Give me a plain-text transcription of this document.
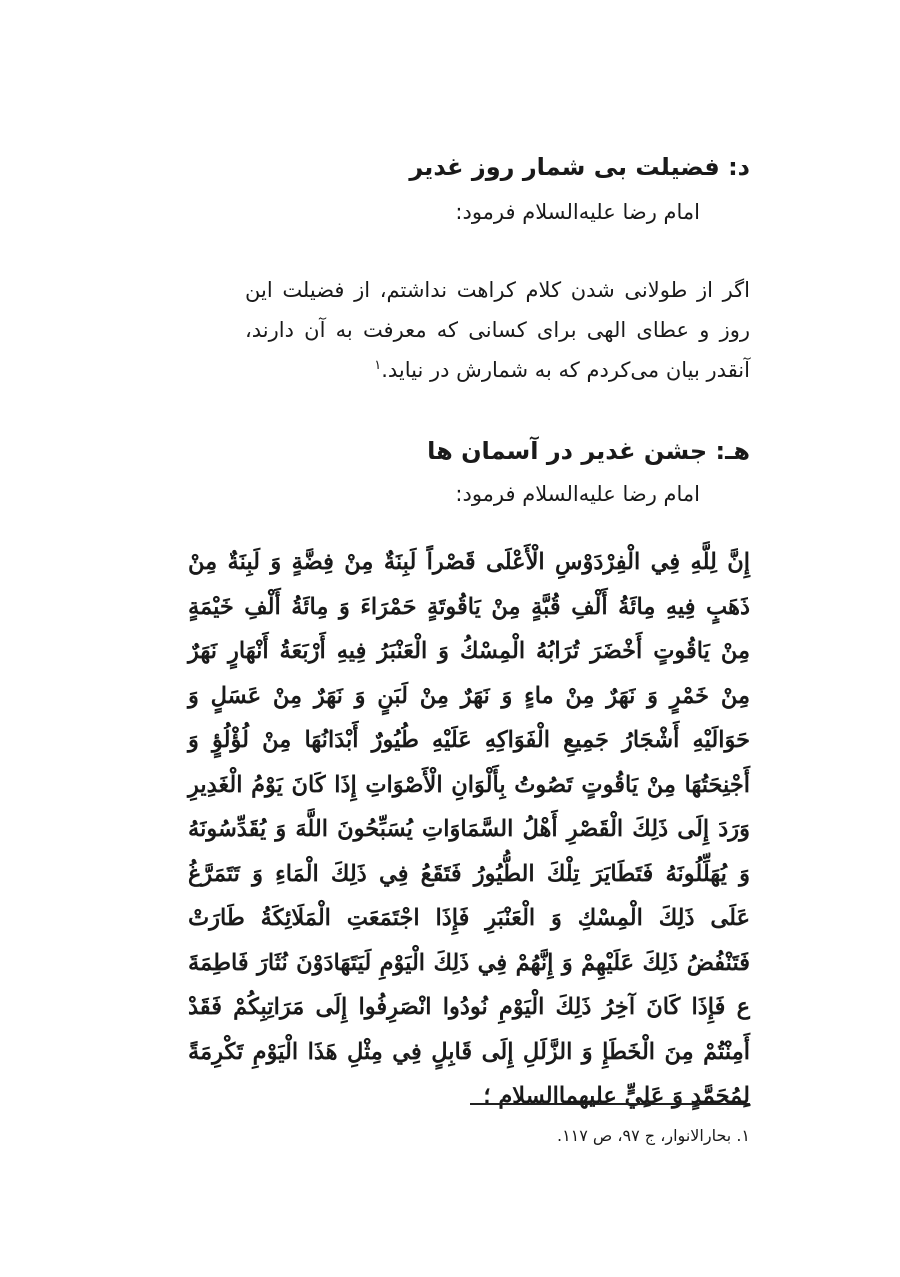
د: فضیلت بی شمار روز غدیر
امام رضا علیه‌السلام فرمود:
اگر از طولانی شدن کلام کراهت نداشتم، از فضیلت این روز و عطای الهی برای کسانی که معرفت به آن دارند، آنقدر بیان می‌کردم که به شمارش در نیاید.$^۱$
هـ: جشن غدیر در آسمان ها
امام رضا علیه‌السلام فرمود:
إِنَّ لِلَّهِ فِي الْفِرْدَوْسِ الْأَعْلَى قَصْراً لَبِنَةٌ مِنْ فِضَّةٍ وَ لَبِنَةٌ مِنْ ذَهَبٍ فِيهِ مِائَةُ أَلْفِ قُبَّةٍ مِنْ يَاقُوتَةٍ حَمْرَاءَ وَ مِائَةُ أَلْفِ خَيْمَةٍ مِنْ يَاقُوتٍ أَخْضَرَ تُرَابُهُ الْمِسْكُ وَ الْعَنْبَرُ فِيهِ أَرْبَعَةُ أَنْهَارٍ نَهَرٌ مِنْ خَمْرٍ وَ نَهَرٌ مِنْ ماءٍ وَ نَهَرٌ مِنْ لَبَنٍ وَ نَهَرٌ مِنْ عَسَلٍ وَ حَوَالَيْهِ أَشْجَارُ جَمِيعِ الْفَوَاكِهِ عَلَيْهِ طُيُورٌ أَبْدَانُهَا مِنْ لُؤْلُؤٍ وَ أَجْنِحَتُهَا مِنْ يَاقُوتٍ تَصُوتُ بِأَلْوَانِ الْأَصْوَاتِ إِذَا كَانَ يَوْمُ الْغَدِيرِ وَرَدَ إِلَى ذَلِكَ الْقَصْرِ أَهْلُ السَّمَاوَاتِ يُسَبِّحُونَ اللَّهَ وَ يُقَدِّسُونَهُ وَ يُهَلِّلُونَهُ فَتَطَايَرَ تِلْكَ الطُّيُورُ فَتَقَعُ فِي ذَلِكَ الْمَاءِ وَ تَتَمَرَّغُ عَلَى ذَلِكَ الْمِسْكِ وَ الْعَنْبَرِ فَإِذَا اجْتَمَعَتِ الْمَلَائِكَةُ طَارَتْ فَتَنْفُضُ ذَلِكَ عَلَيْهِمْ وَ إِنَّهُمْ فِي ذَلِكَ الْيَوْمِ لَيَتَهَادَوْنَ نُثَارَ فَاطِمَةَ ع فَإِذَا كَانَ آخِرُ ذَلِكَ الْيَوْمِ نُودُوا انْصَرِفُوا إِلَى مَرَاتِبِكُمْ فَقَدْ أَمِنْتُمْ مِنَ الْخَطَإِ وَ الزَّلَلِ إِلَى قَابِلٍ فِي مِثْلِ هَذَا الْيَوْمِ تَكْرِمَةً لِمُحَمَّدٍ وَ عَلِيٍّ علیهما‌السلام ؛
۱. بحارالانوار، ج ۹۷، ص ۱۱۷.
